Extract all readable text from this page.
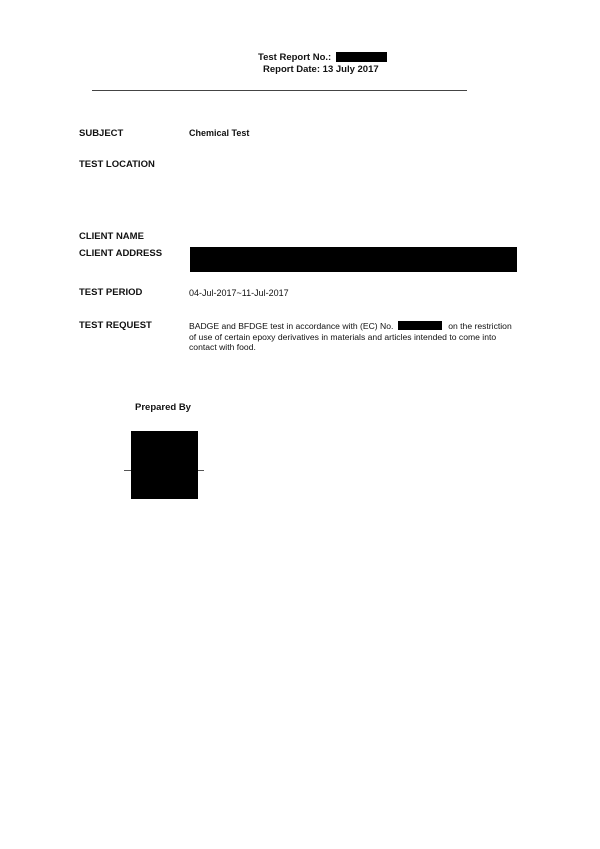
Test Report No.:
Report Date: 13 July 2017
SUBJECT	Chemical Test
TEST LOCATION
CLIENT NAME
CLIENT ADDRESS
TEST PERIOD	04-Jul-2017~11-Jul-2017
TEST REQUEST	BADGE and BFDGE test in accordance with (EC) No.	on the restriction
of use of certain epoxy derivatives in materials and articles intended to come into
contact with food.
Prepared By
